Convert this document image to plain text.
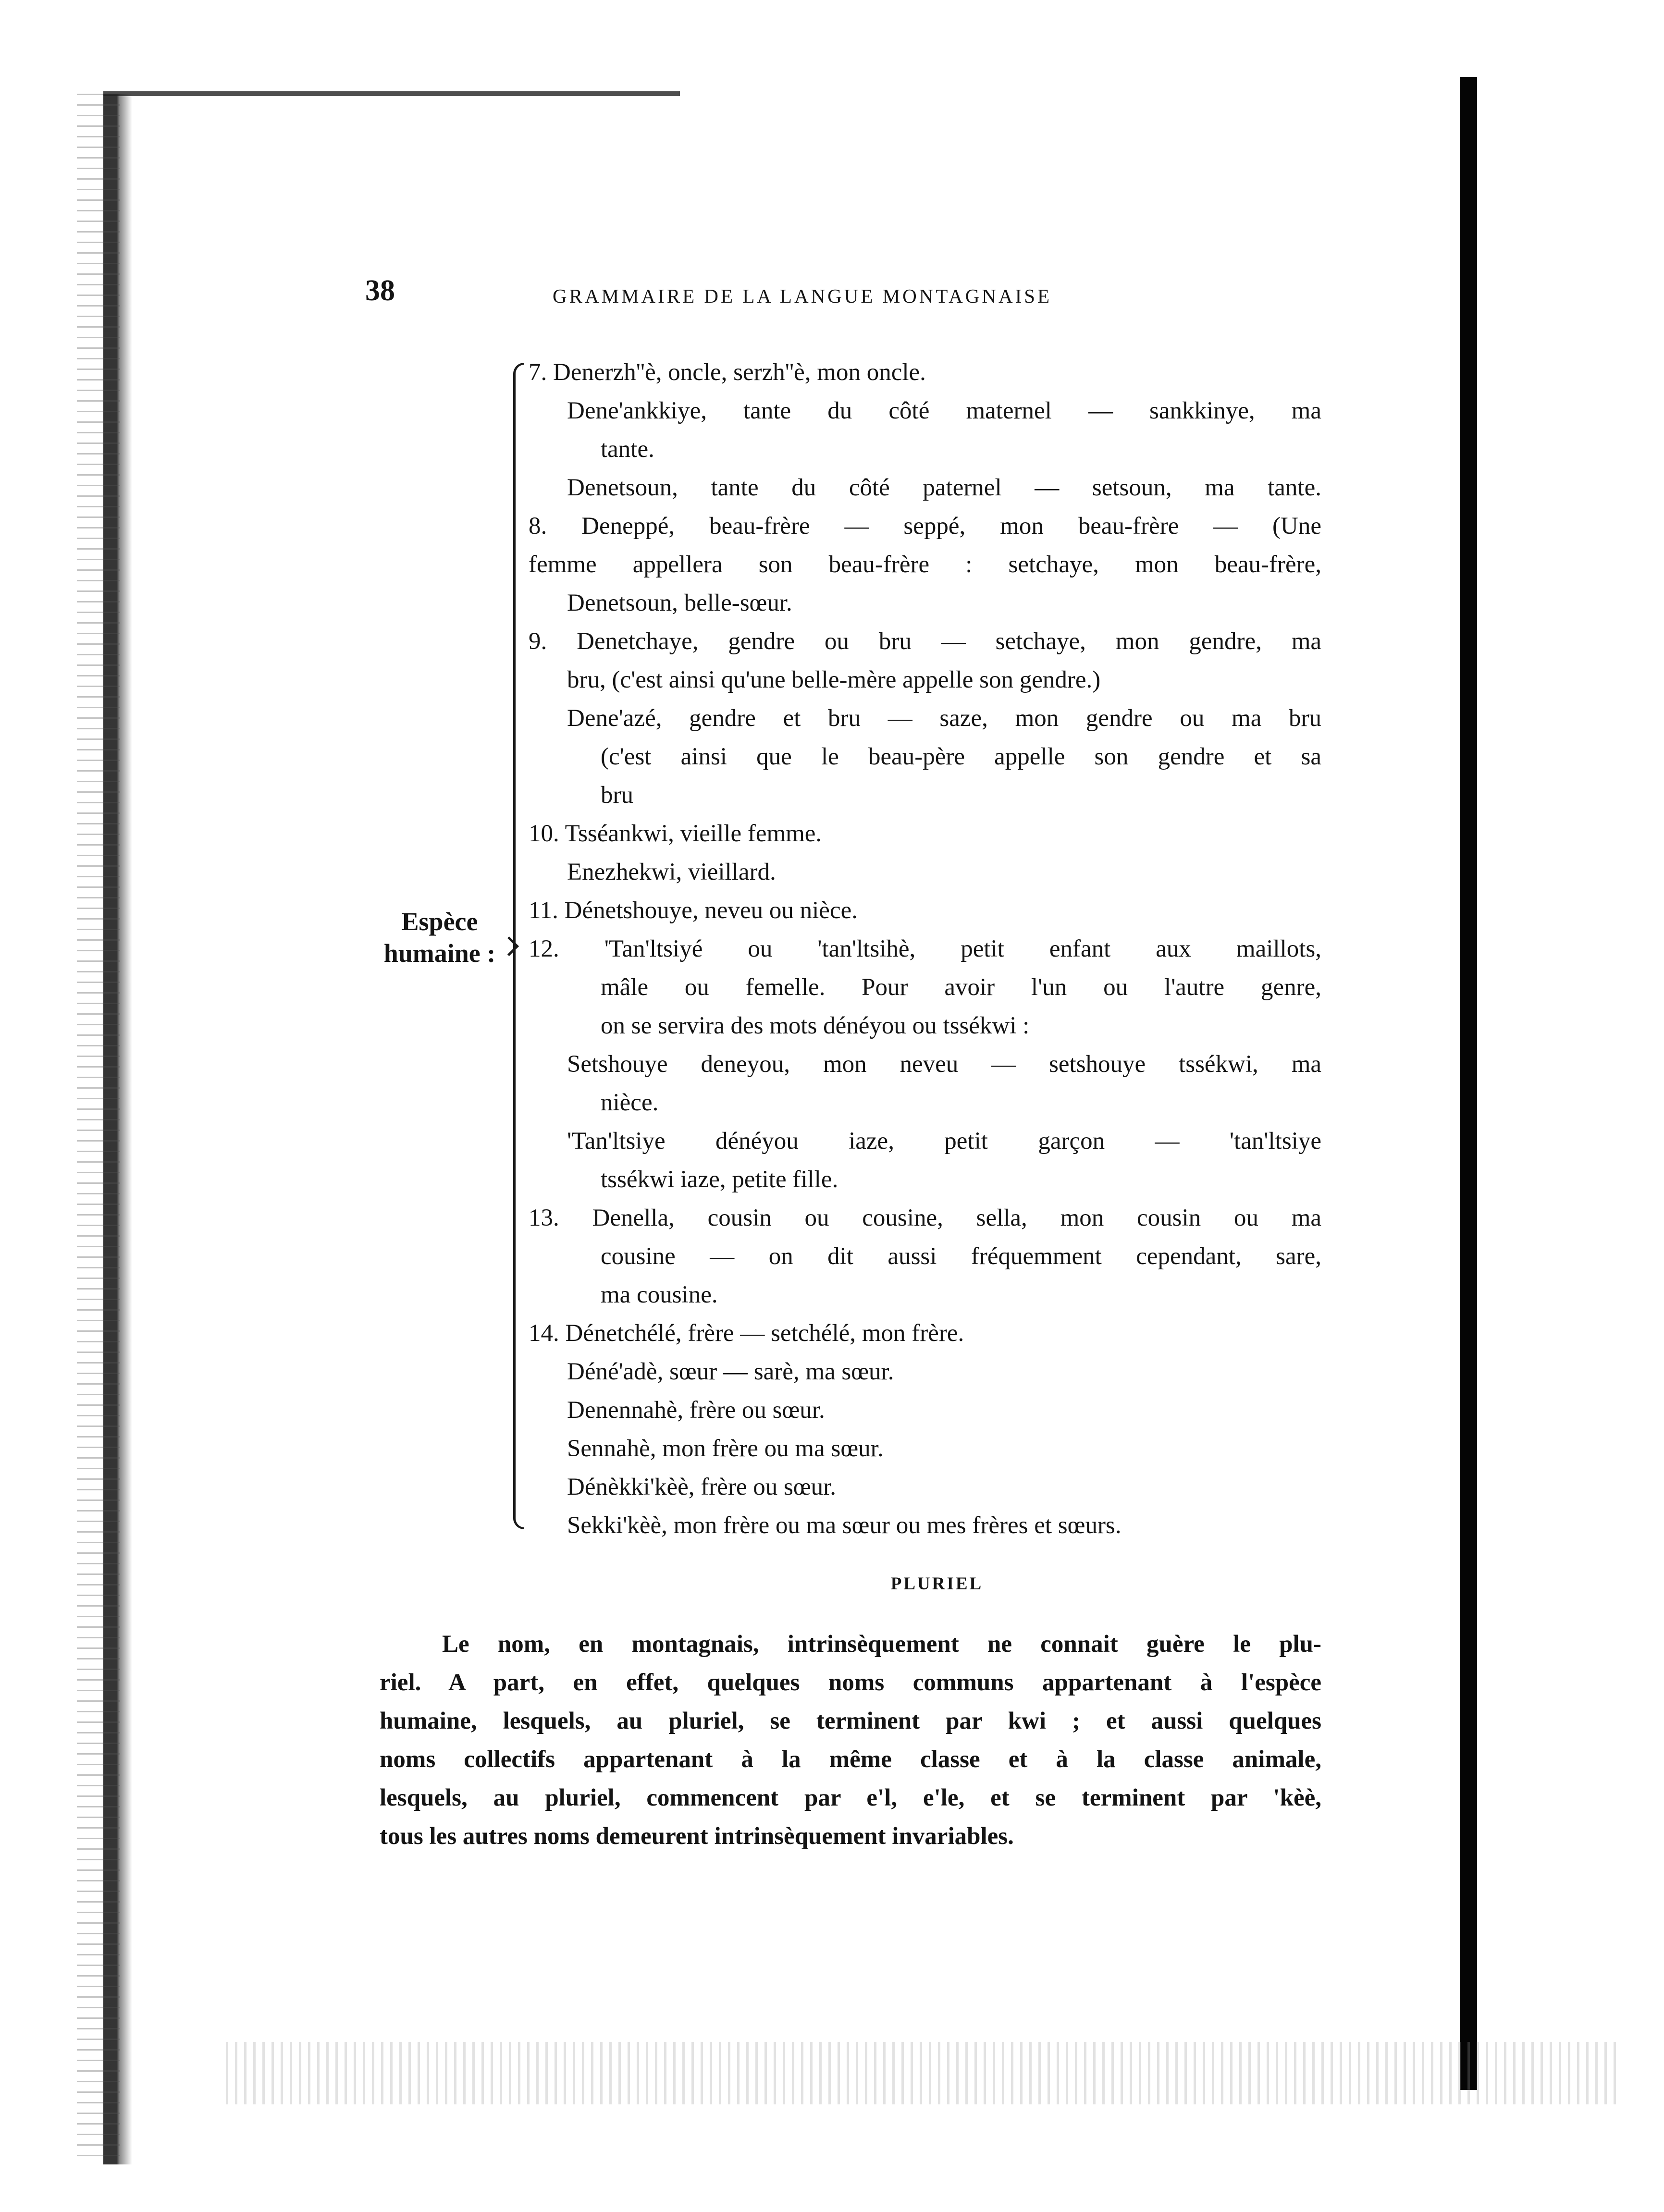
38	GRAMMAIRE DE LA LANGUE MONTAGNAISE
Espèce
humaine :
7. Denerzh''è, oncle, serzh''è, mon oncle.
Dene'ankkiye, tante du côté maternel — sankkinye, ma
tante.
Denetsoun, tante du côté paternel — setsoun, ma tante.
8. Deneppé, beau-frère — seppé, mon beau-frère — (Une
femme appellera son beau-frère : setchaye, mon beau-frère,
Denetsoun, belle-sœur.
9. Denetchaye, gendre ou bru — setchaye, mon gendre, ma
bru, (c'est ainsi qu'une belle-mère appelle son gendre.)
Dene'azé, gendre et bru — saze, mon gendre ou ma bru
(c'est ainsi que le beau-père appelle son gendre et sa
bru
10. Tsséankwi, vieille femme.
Enezhekwi, vieillard.
11. Dénetshouye, neveu ou nièce.
12. 'Tan'ltsiyé ou 'tan'ltsihè, petit enfant aux maillots,
mâle ou femelle. Pour avoir l'un ou l'autre genre,
on se servira des mots dénéyou ou tssékwi :
Setshouye deneyou, mon neveu — setshouye tssékwi, ma
nièce.
'Tan'ltsiye dénéyou iaze, petit garçon — 'tan'ltsiye
tssékwi iaze, petite fille.
13. Denella, cousin ou cousine, sella, mon cousin ou ma
cousine — on dit aussi fréquemment cependant, sare,
ma cousine.
14. Dénetchélé, frère — setchélé, mon frère.
Déné'adè, sœur — sarè, ma sœur.
Denennahè, frère ou sœur.
Sennahè, mon frère ou ma sœur.
Dénèkki'kèè, frère ou sœur.
Sekki'kèè, mon frère ou ma sœur ou mes frères et sœurs.
PLURIEL
Le nom, en montagnais, intrinsèquement ne connait guère le plu-
riel. A part, en effet, quelques noms communs appartenant à l'espèce
humaine, lesquels, au pluriel, se terminent par kwi ; et aussi quelques
noms collectifs appartenant à la même classe et à la classe animale,
lesquels, au pluriel, commencent par e'l, e'le, et se terminent par 'kèè,
tous les autres noms demeurent intrinsèquement invariables.
